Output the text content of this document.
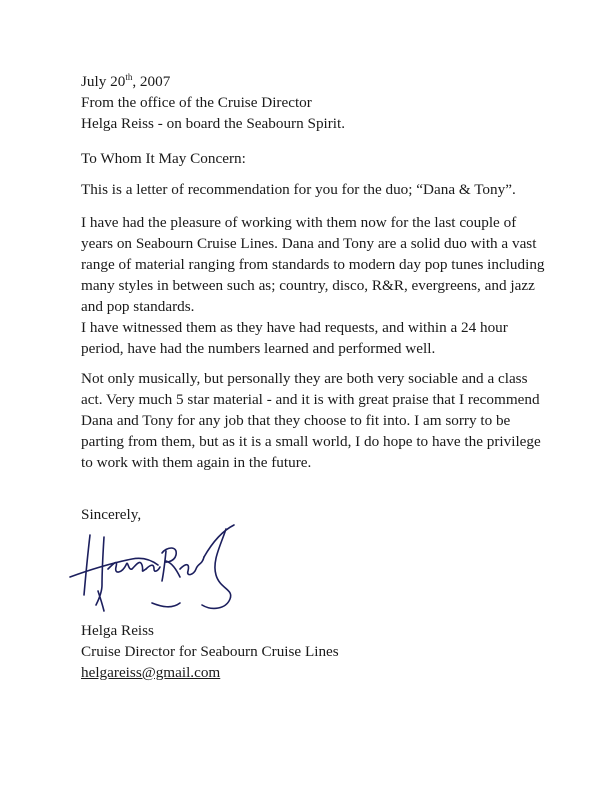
July 20th, 2007
From the office of the Cruise Director
Helga Reiss - on board the Seabourn Spirit.
To Whom It May Concern:
This is a letter of recommendation for you for the duo; “Dana & Tony”.
I have had the pleasure of working with them now for the last couple of
years on Seabourn Cruise Lines. Dana and Tony are a solid duo with a vast
range of material ranging from standards to modern day pop tunes including
many styles in between such as; country, disco, R&R, evergreens, and jazz
and pop standards.
I have witnessed them as they have had requests, and within a 24 hour
period, have had the numbers learned and performed well.
Not only musically, but personally they are both very sociable and a class
act. Very much 5 star material - and it is with great praise that I recommend
Dana and Tony for any job that they choose to fit into. I am sorry to be
parting from them, but as it is a small world, I do hope to have the privilege
to work with them again in the future.
Sincerely,
Helga Reiss
Cruise Director for Seabourn Cruise Lines
helgareiss@gmail.com
